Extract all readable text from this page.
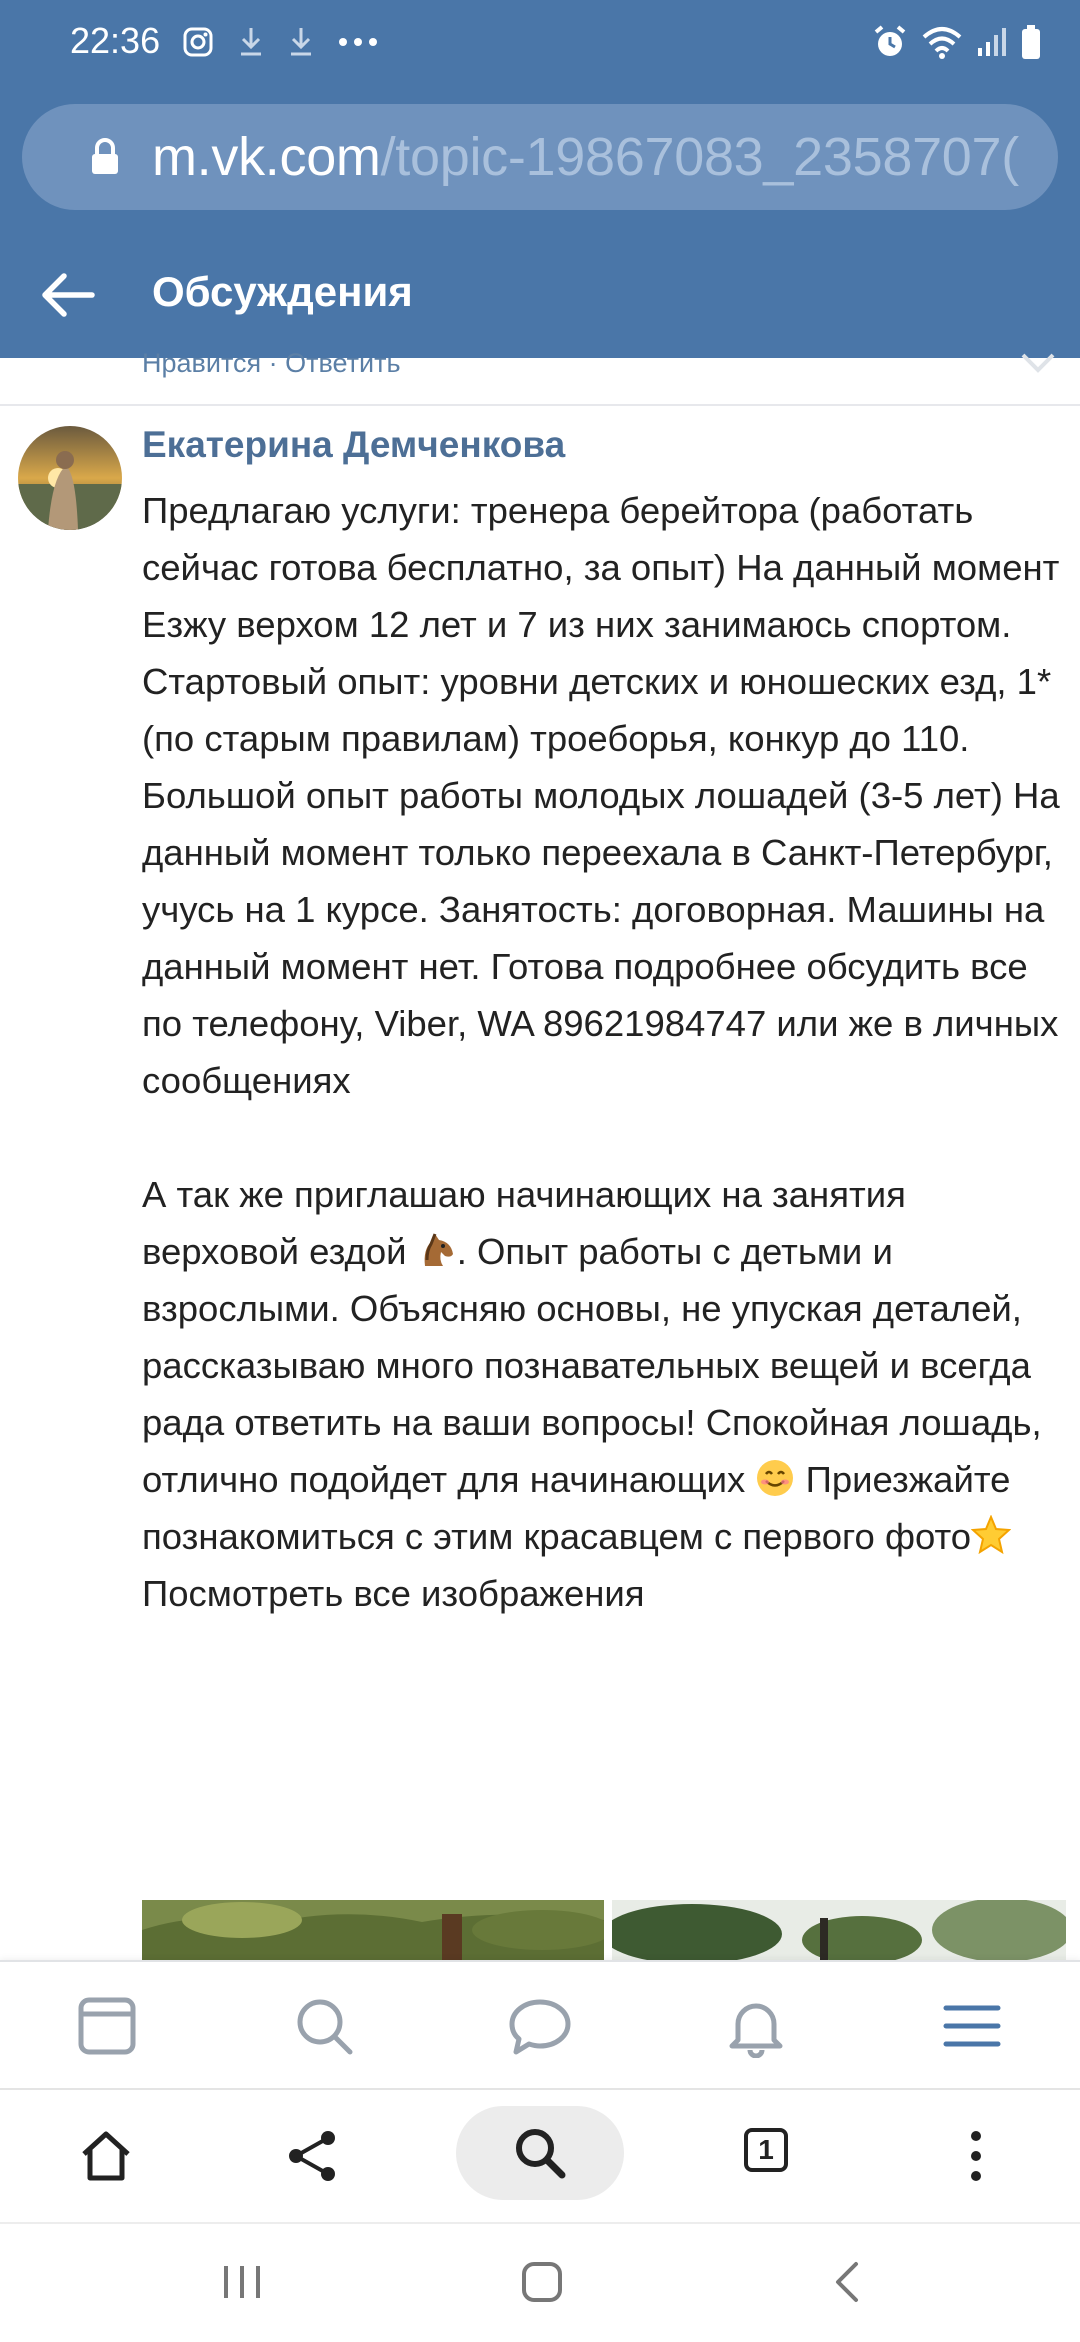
22:36
m.vk.com/topic-19867083_2358707(
Обсуждения
Нравится · Ответить
Екатерина Демченкова

Предлагаю услуги: тренера берейтора (работать сейчас готова бесплатно, за опыт) На данный момент Езжу верхом 12 лет и 7 из них занимаюсь спортом. Стартовый опыт: уровни детских и юношеских езд, 1* (по старым правилам) троеборья, конкур до 110. Большой опыт работы молодых лошадей (3-5 лет) На данный момент только переехала в Санкт-Петербург, учусь на 1 курсе. Занятость: договорная. Машины на данный момент нет. Готова подробнее обсудить все по телефону, Viber, WA 89621984747 или же в личных сообщениях

А так же приглашаю начинающих на занятия верховой ездой . Опыт работы с детьми и взрослыми. Объясняю основы, не упуская деталей, рассказываю много познавательных вещей и всегда рада ответить на ваши вопросы! Спокойная лошадь, отлично подойдет для начинающих  Приезжайте познакомиться с этим красавцем с первого фото

Посмотреть все изображения

1
